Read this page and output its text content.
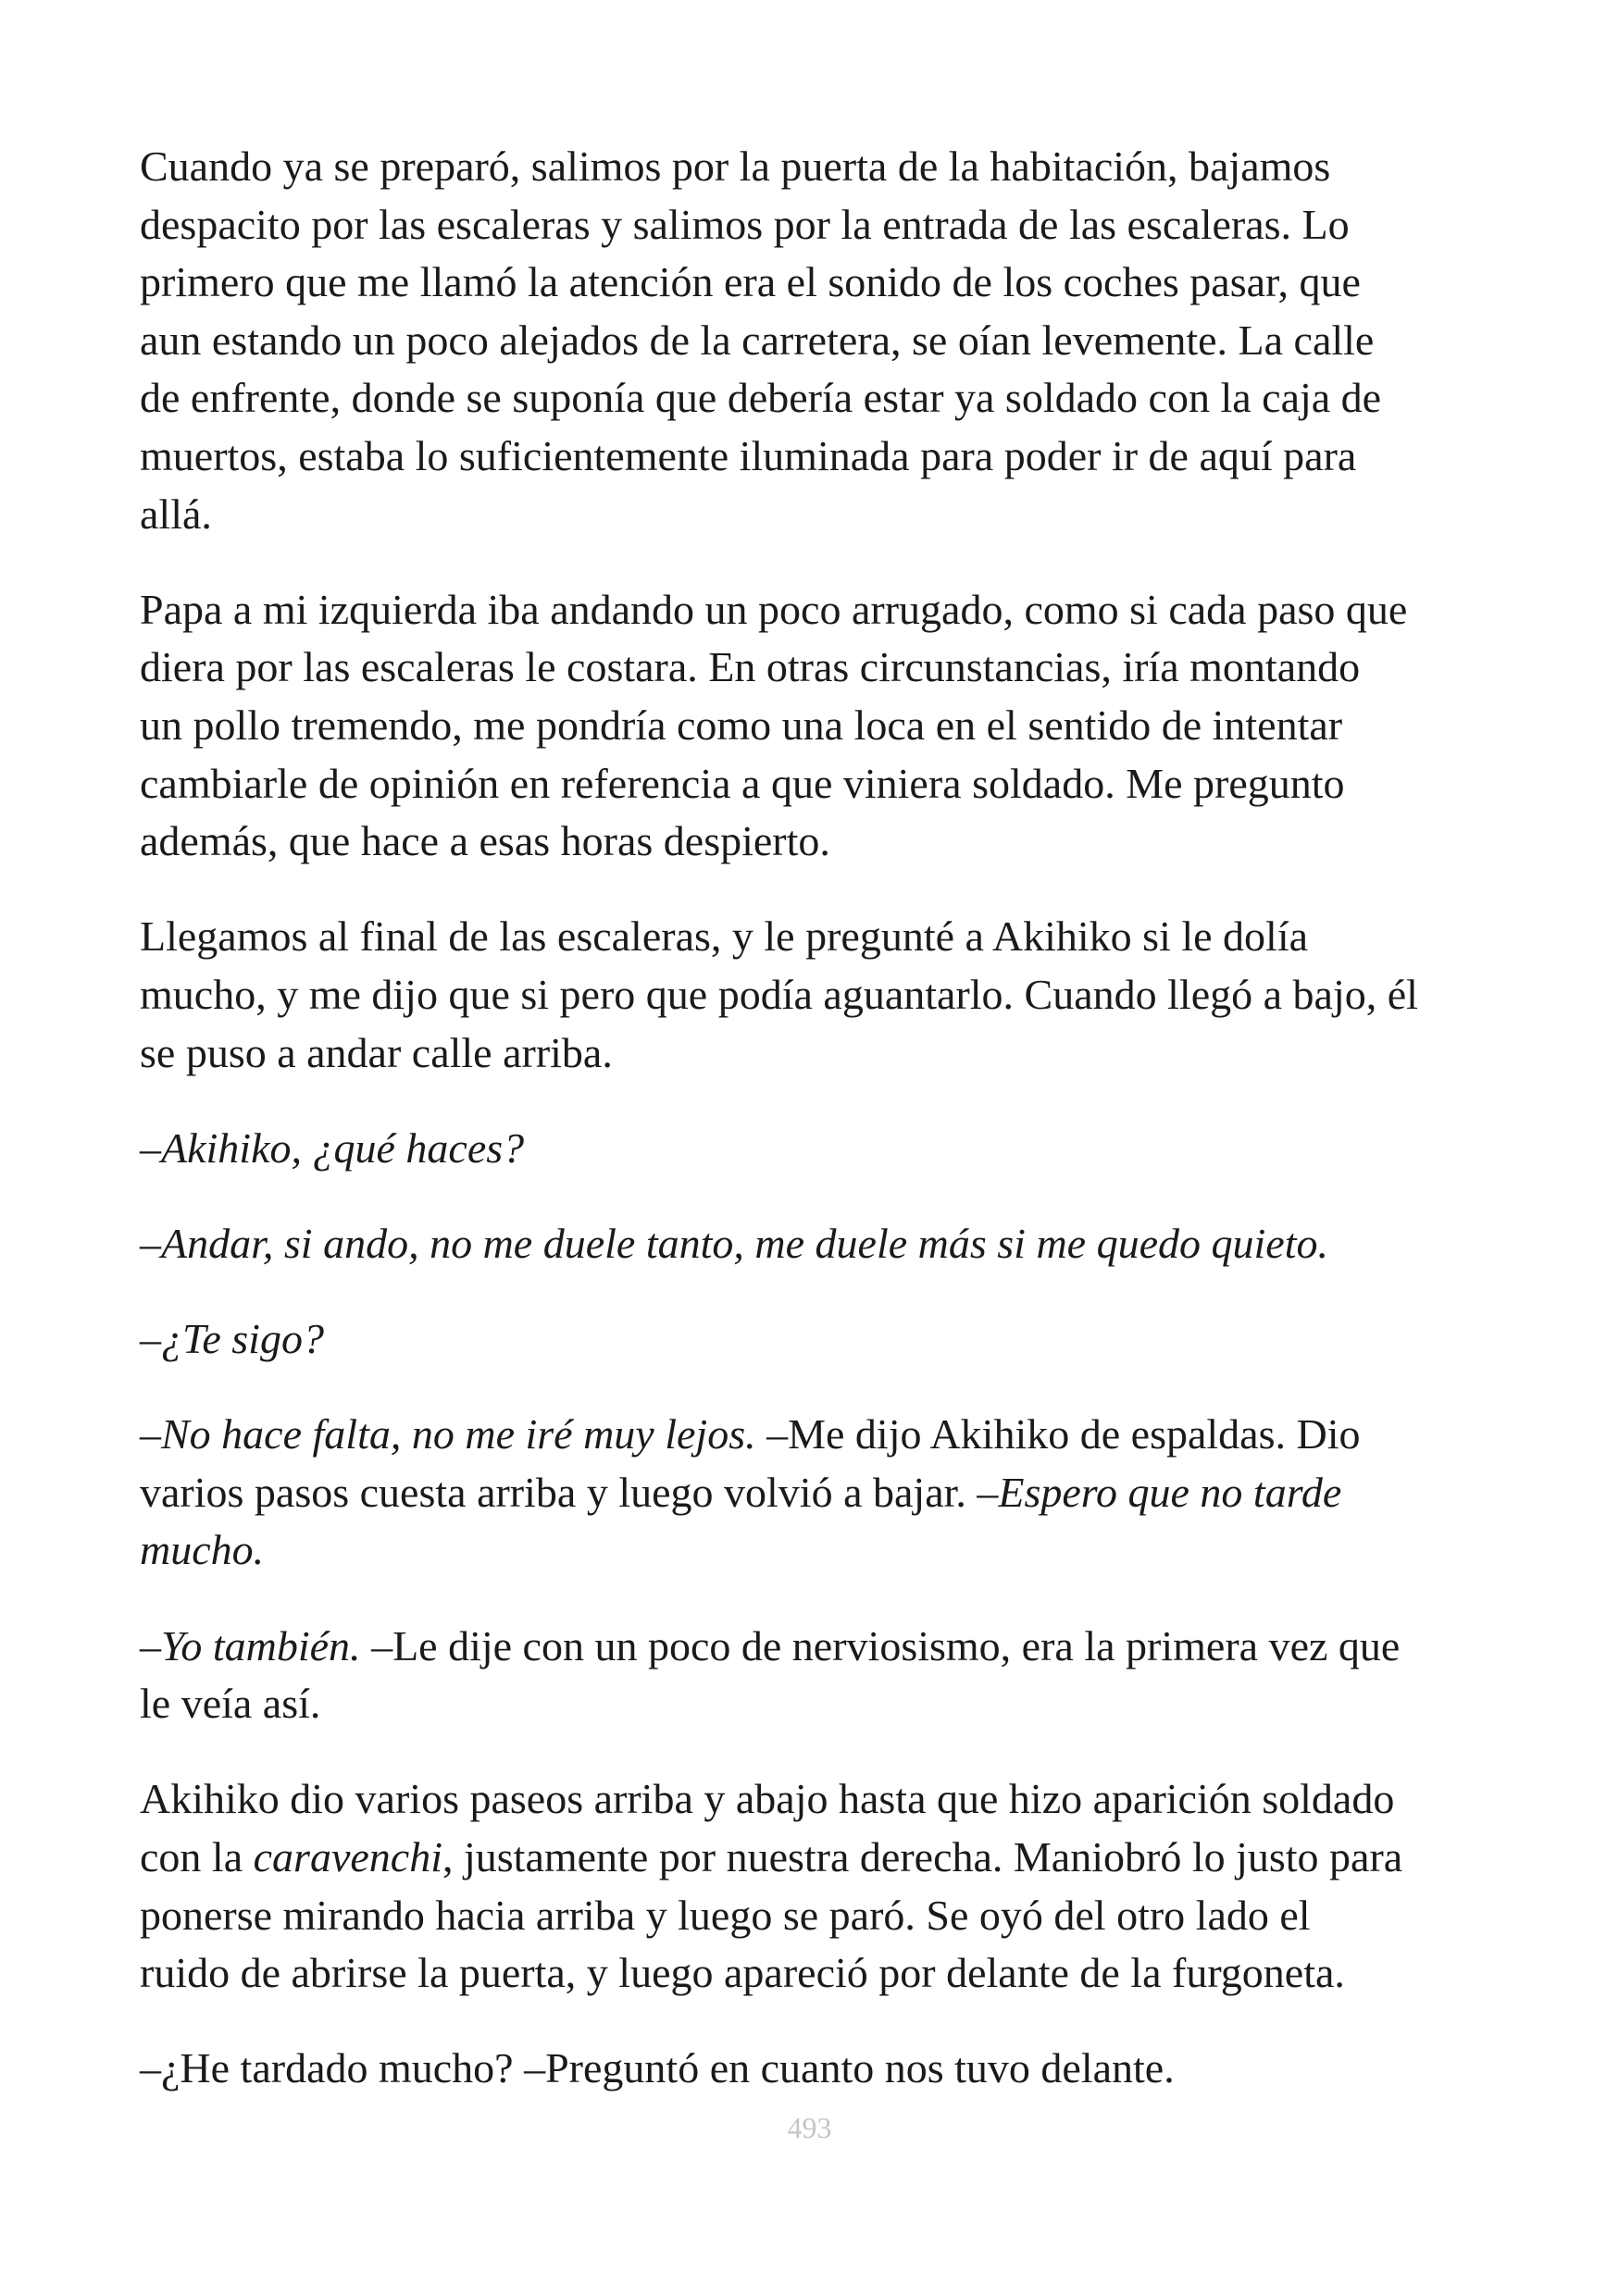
Cuando ya se preparó, salimos por la puerta de la habitación, bajamos
despacito por las escaleras y salimos por la entrada de las escaleras. Lo
primero que me llamó la atención era el sonido de los coches pasar, que
aun estando un poco alejados de la carretera, se oían levemente. La calle
de enfrente, donde se suponía que debería estar ya soldado con la caja de
muertos, estaba lo suficientemente iluminada para poder ir de aquí para
allá.

Papa a mi izquierda iba andando un poco arrugado, como si cada paso que
diera por las escaleras le costara. En otras circunstancias, iría montando
un pollo tremendo, me pondría como una loca en el sentido de intentar
cambiarle de opinión en referencia a que viniera soldado. Me pregunto
además, que hace a esas horas despierto.

Llegamos al final de las escaleras, y le pregunté a Akihiko si le dolía
mucho, y me dijo que si pero que podía aguantarlo. Cuando llegó a bajo, él
se puso a andar calle arriba.

–Akihiko, ¿qué haces?

–Andar, si ando, no me duele tanto, me duele más si me quedo quieto.

–¿Te sigo?

–No hace falta, no me iré muy lejos. –Me dijo Akihiko de espaldas. Dio
varios pasos cuesta arriba y luego volvió a bajar. –Espero que no tarde
mucho.

–Yo también. –Le dije con un poco de nerviosismo, era la primera vez que
le veía así.

Akihiko dio varios paseos arriba y abajo hasta que hizo aparición soldado
con la caravenchi, justamente por nuestra derecha. Maniobró lo justo para
ponerse mirando hacia arriba y luego se paró. Se oyó del otro lado el
ruido de abrirse la puerta, y luego apareció por delante de la furgoneta.

–¿He tardado mucho? –Preguntó en cuanto nos tuvo delante.

493
